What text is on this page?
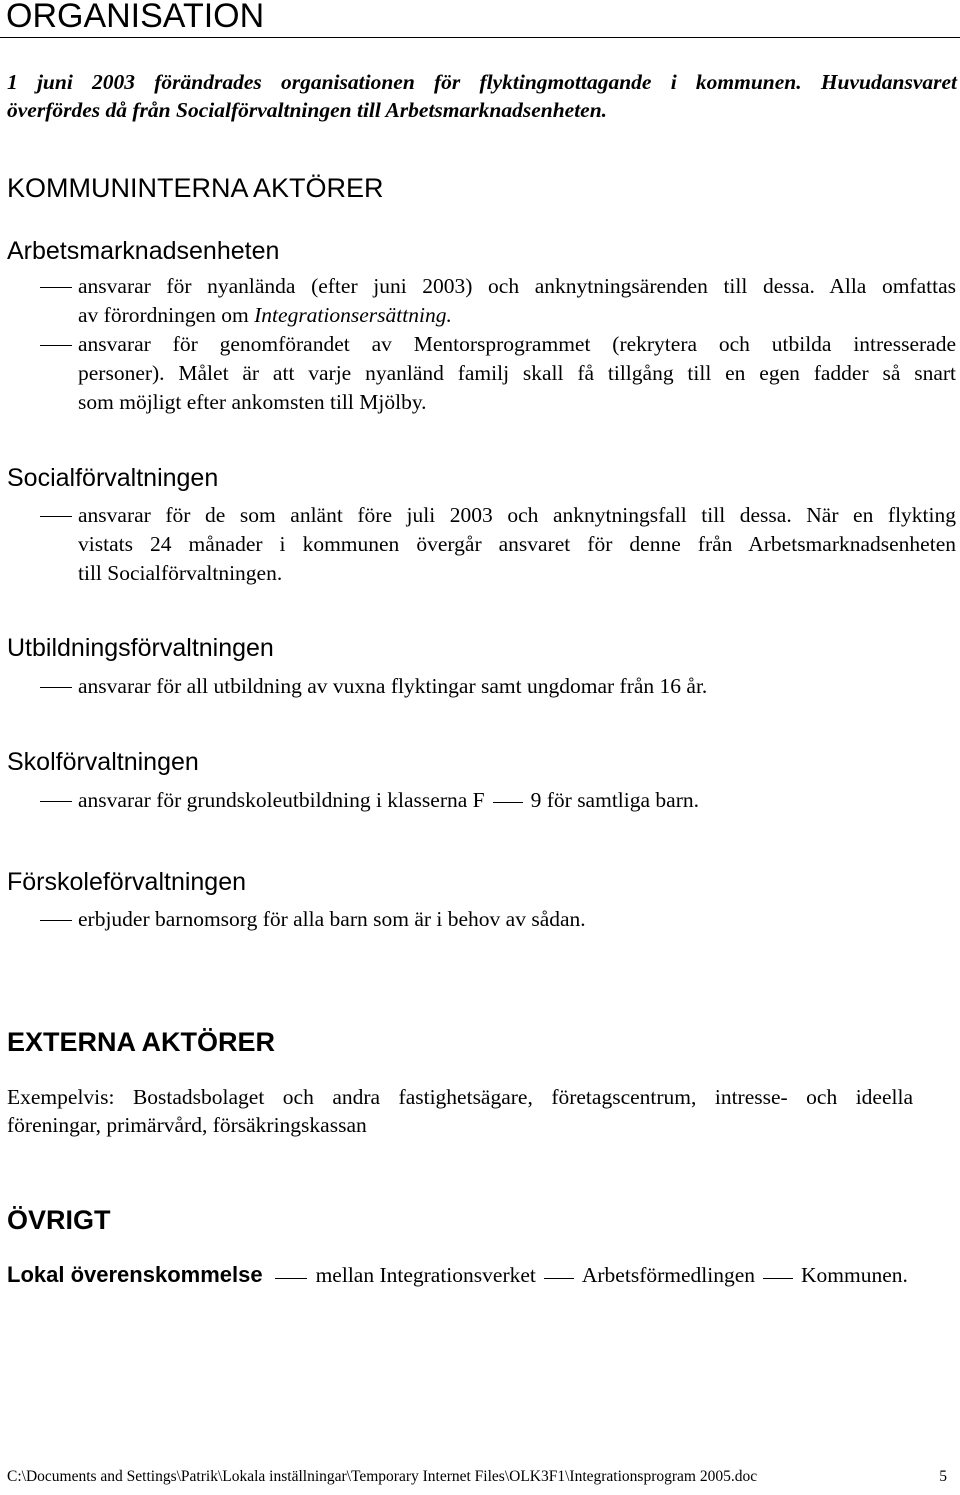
ORGANISATION
1 juni 2003 förändrades organisationen för flyktingmottagande i kommunen. Huvudansvaret
överfördes då från Socialförvaltningen till Arbetsmarknadsenheten.
KOMMUNINTERNA AKTÖRER
Arbetsmarknadsenheten
ansvarar för nyanlända (efter juni 2003) och anknytningsärenden till dessa. Alla omfattas
av förordningen om Integrationsersättning.
ansvarar för genomförandet av Mentorsprogrammet (rekrytera och utbilda intresserade
personer). Målet är att varje nyanländ familj skall få tillgång till en egen fadder så snart
som möjligt efter ankomsten till Mjölby.
Socialförvaltningen
ansvarar för de som anlänt före juli 2003 och anknytningsfall till dessa. När en flykting
vistats 24 månader i kommunen övergår ansvaret för denne från Arbetsmarknadsenheten
till Socialförvaltningen.
Utbildningsförvaltningen
ansvarar för all utbildning av vuxna flyktingar samt ungdomar från 16 år.
Skolförvaltningen
ansvarar för grundskoleutbildning i klasserna F 9 för samtliga barn.
Förskoleförvaltningen
erbjuder barnomsorg för alla barn som är i behov av sådan.
EXTERNA AKTÖRER
Exempelvis: Bostadsbolaget och andra fastighetsägare, företagscentrum, intresse- och ideella
föreningar, primärvård, försäkringskassan
ÖVRIGT
Lokal överenskommelse mellan Integrationsverket Arbetsförmedlingen Kommunen.
C:\Documents and Settings\Patrik\Lokala inställningar\Temporary Internet Files\OLK3F1\Integrationsprogram 2005.doc	5
